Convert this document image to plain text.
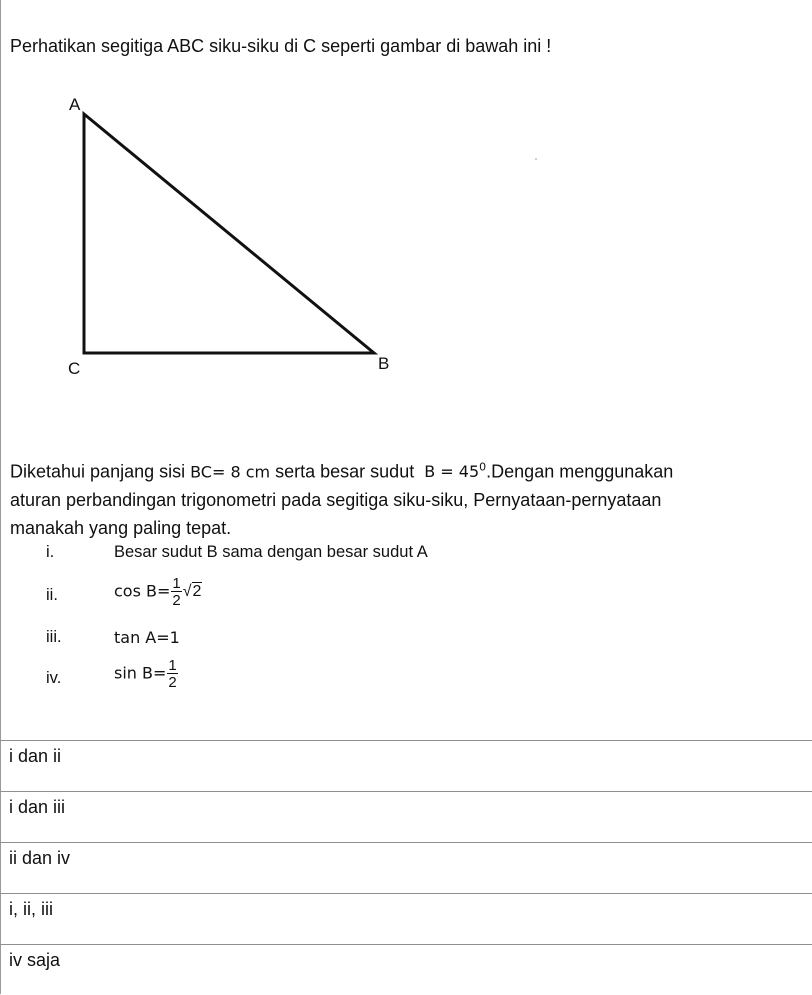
Perhatikan segitiga ABC siku-siku di C seperti gambar di bawah ini !
A
C	B

Diketahui panjang sisi BC= 8 cm serta besar sudut  $B = 45^0.Dengan$ menggunakan

aturan perbandingan trigonometri pada segitiga siku-siku, Pernyataan-pernyataan

manakah yang paling tepat.

i.	Besar sudut B sama dengan besar sudut A
ii.	$\cos B= \frac{1}{2} √2$
iii.	tan A=1
iv.	$\sin B= \frac{1}{2}$
i dan ii
i dan iii
ii dan iv
i, ii, iii
iv saja
